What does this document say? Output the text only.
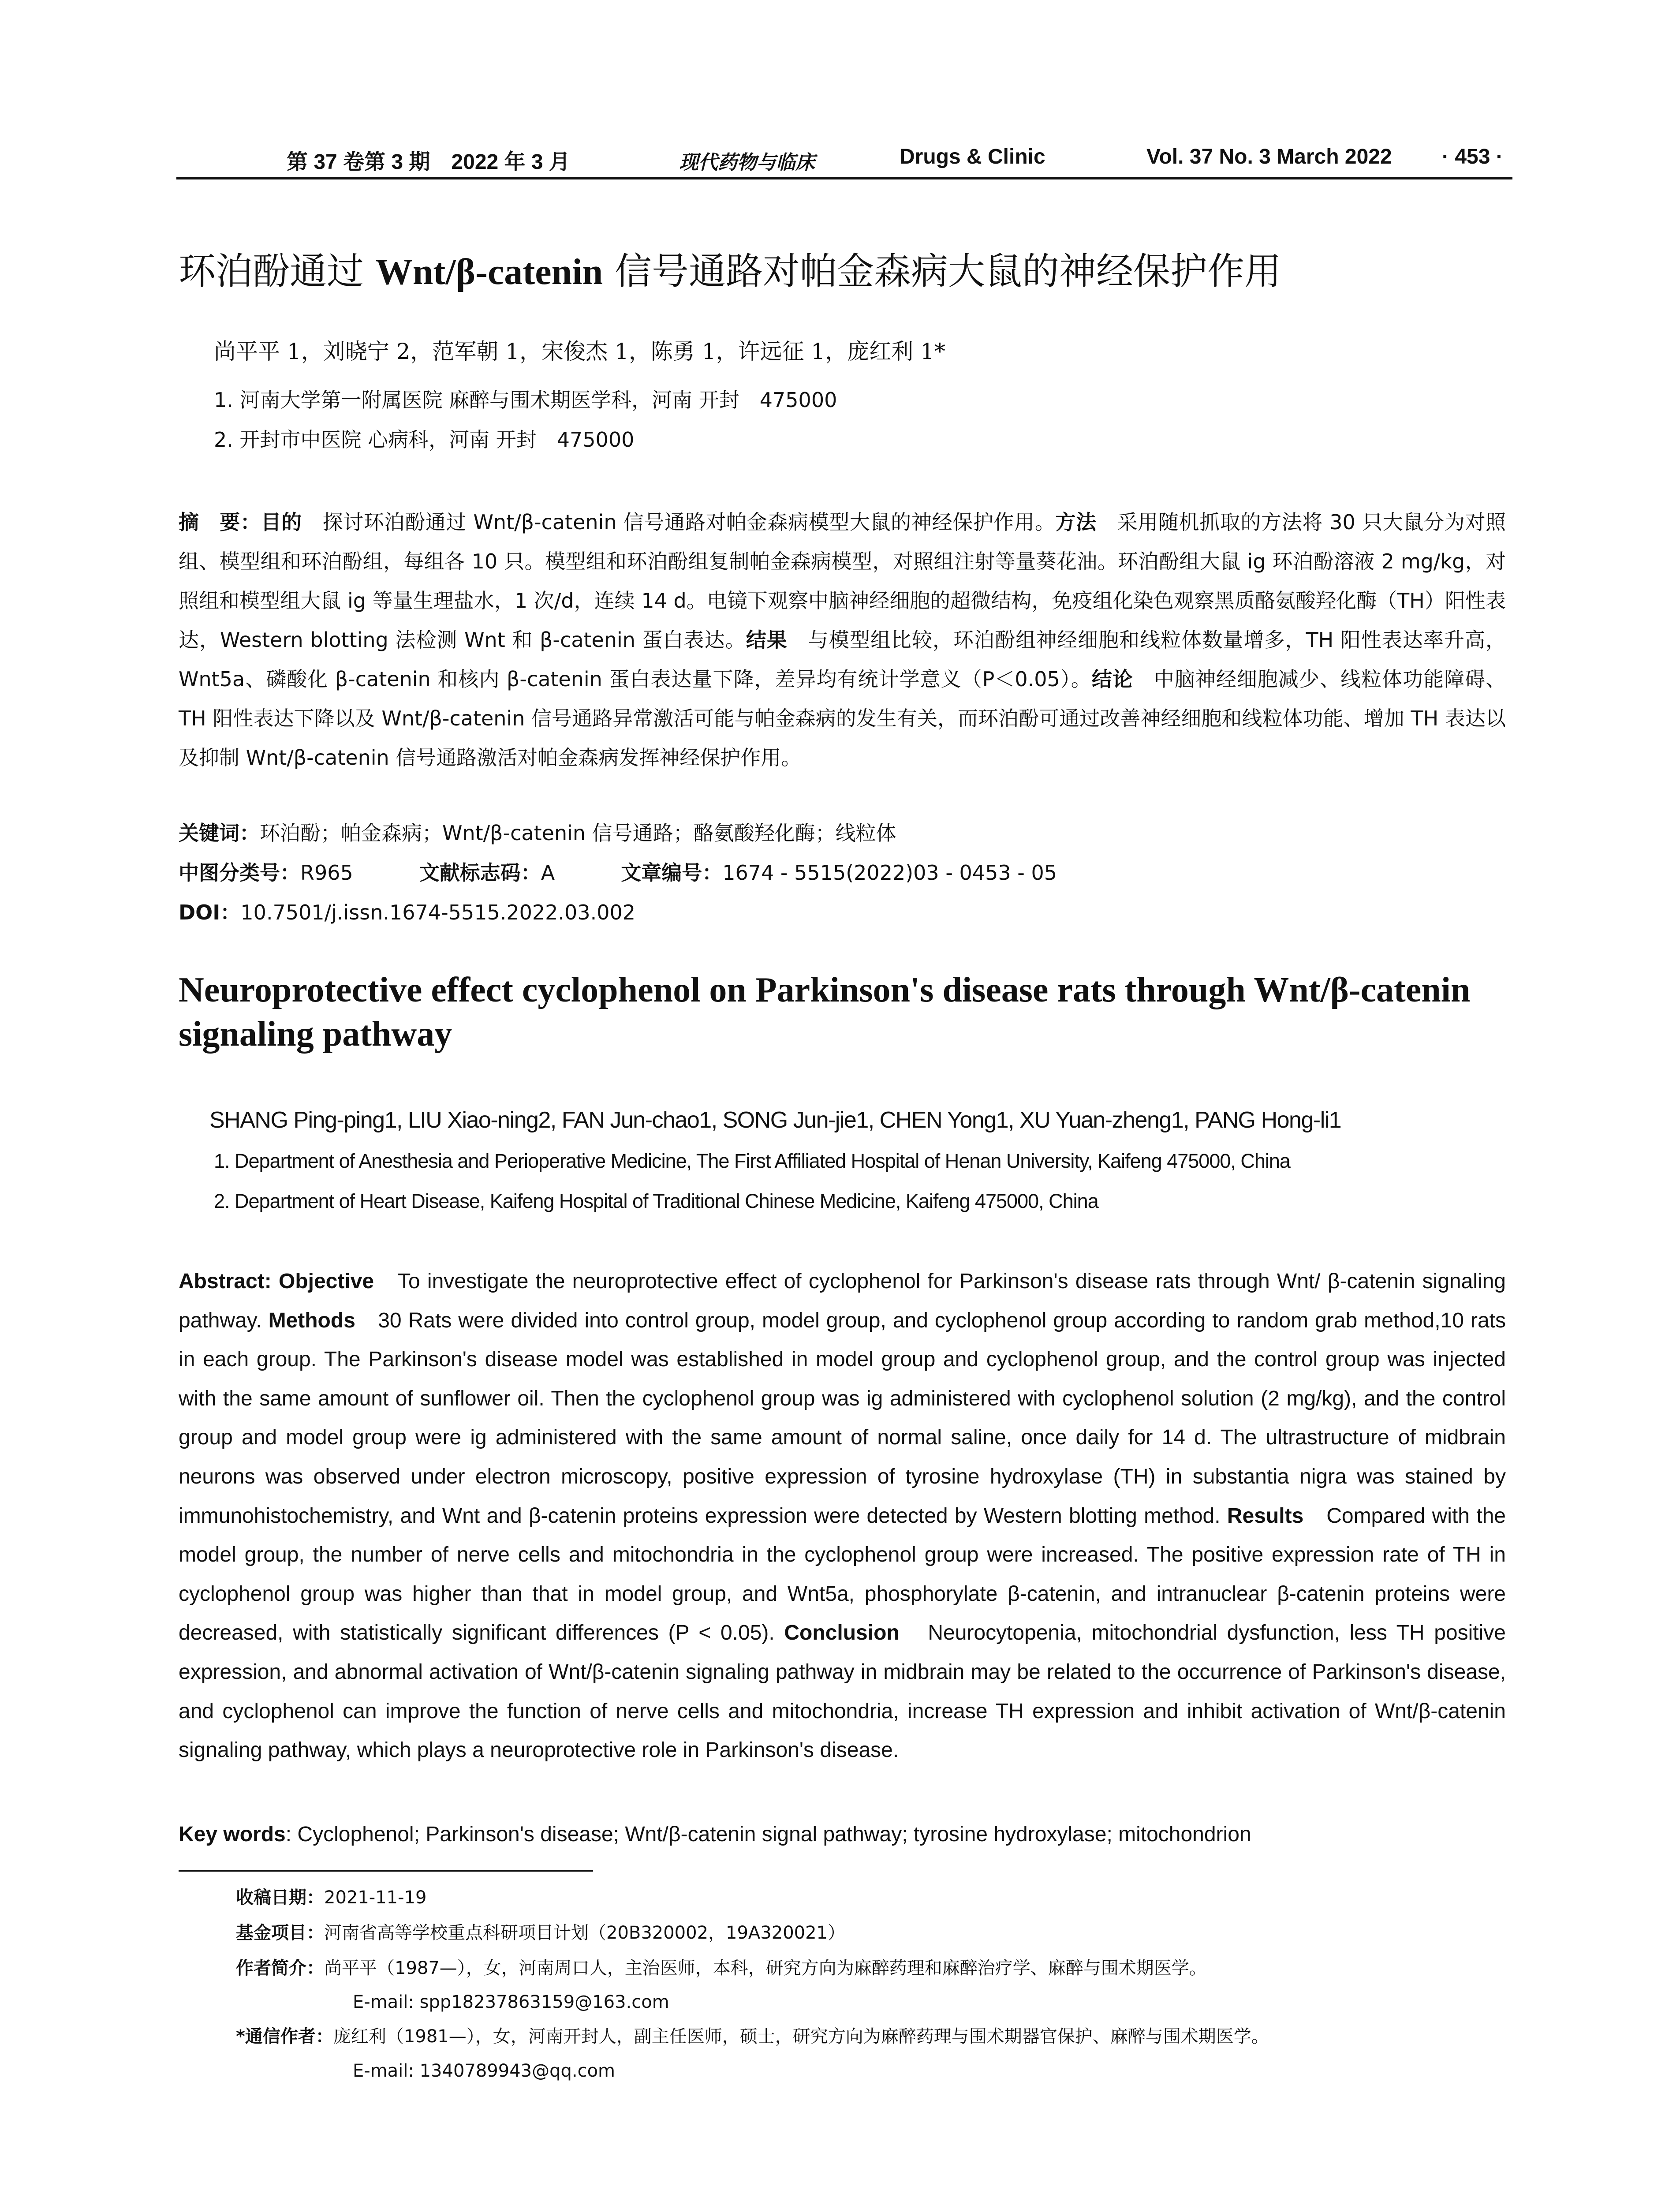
第 37 卷第 3 期　2022 年 3 月	现代药物与临床	Drugs & Clinic	Vol. 37 No. 3 March 2022 · 453 ·
环泊酚通过 Wnt/β-catenin 信号通路对帕金森病大鼠的神经保护作用
尚平平 1，刘晓宁 2，范军朝 1，宋俊杰 1，陈勇 1，许远征 1，庞红利 1*
1. 河南大学第一附属医院 麻醉与围术期医学科，河南 开封　475000
2. 开封市中医院 心病科，河南 开封　475000
摘　要：目的　探讨环泊酚通过 Wnt/β-catenin 信号通路对帕金森病模型大鼠的神经保护作用。方法　采用随机抓取的方法将 30 只大鼠分为对照组、模型组和环泊酚组，每组各 10 只。模型组和环泊酚组复制帕金森病模型，对照组注射等量葵花油。环泊酚组大鼠 ig 环泊酚溶液 2 mg/kg，对照组和模型组大鼠 ig 等量生理盐水，1 次/d，连续 14 d。电镜下观察中脑神经细胞的超微结构，免疫组化染色观察黑质酪氨酸羟化酶（TH）阳性表达，Western blotting 法检测 Wnt 和 β-catenin 蛋白表达。结果　与模型组比较，环泊酚组神经细胞和线粒体数量增多，TH 阳性表达率升高，Wnt5a、磷酸化 β-catenin 和核内 β-catenin 蛋白表达量下降，差异均有统计学意义（P＜0.05）。结论　中脑神经细胞减少、线粒体功能障碍、TH 阳性表达下降以及 Wnt/β-catenin 信号通路异常激活可能与帕金森病的发生有关，而环泊酚可通过改善神经细胞和线粒体功能、增加 TH 表达以及抑制 Wnt/β-catenin 信号通路激活对帕金森病发挥神经保护作用。
关键词：环泊酚；帕金森病；Wnt/β-catenin 信号通路；酪氨酸羟化酶；线粒体
中图分类号：R965	文献标志码：A	文章编号：1674 - 5515(2022)03 - 0453 - 05
DOI：10.7501/j.issn.1674-5515.2022.03.002
Neuroprotective effect cyclophenol on Parkinson's disease rats through Wnt/β-catenin signaling pathway
SHANG Ping-ping1, LIU Xiao-ning2, FAN Jun-chao1, SONG Jun-jie1, CHEN Yong1, XU Yuan-zheng1, PANG Hong-li1
1. Department of Anesthesia and Perioperative Medicine, The First Affiliated Hospital of Henan University, Kaifeng 475000, China
2. Department of Heart Disease, Kaifeng Hospital of Traditional Chinese Medicine, Kaifeng 475000, China
Abstract: Objective　To investigate the neuroprotective effect of cyclophenol for Parkinson's disease rats through Wnt/ β-catenin signaling pathway. Methods　30 Rats were divided into control group, model group, and cyclophenol group according to random grab method,10 rats in each group. The Parkinson's disease model was established in model group and cyclophenol group, and the control group was injected with the same amount of sunflower oil. Then the cyclophenol group was ig administered with cyclophenol solution (2 mg/kg), and the control group and model group were ig administered with the same amount of normal saline, once daily for 14 d. The ultrastructure of midbrain neurons was observed under electron microscopy, positive expression of tyrosine hydroxylase (TH) in substantia nigra was stained by immunohistochemistry, and Wnt and β-catenin proteins expression were detected by Western blotting method. Results　Compared with the model group, the number of nerve cells and mitochondria in the cyclophenol group were increased. The positive expression rate of TH in cyclophenol group was higher than that in model group, and Wnt5a, phosphorylate β-catenin, and intranuclear β-catenin proteins were decreased, with statistically significant differences (P < 0.05). Conclusion　Neurocytopenia, mitochondrial dysfunction, less TH positive expression, and abnormal activation of Wnt/β-catenin signaling pathway in midbrain may be related to the occurrence of Parkinson's disease, and cyclophenol can improve the function of nerve cells and mitochondria, increase TH expression and inhibit activation of Wnt/β-catenin signaling pathway, which plays a neuroprotective role in Parkinson's disease.
Key words: Cyclophenol; Parkinson's disease; Wnt/β-catenin signal pathway; tyrosine hydroxylase; mitochondrion
收稿日期：2021-11-19
基金项目：河南省高等学校重点科研项目计划（20B320002，19A320021）
作者简介：尚平平（1987—），女，河南周口人，主治医师，本科，研究方向为麻醉药理和麻醉治疗学、麻醉与围术期医学。
E-mail: spp18237863159@163.com
*通信作者：庞红利（1981—），女，河南开封人，副主任医师，硕士，研究方向为麻醉药理与围术期器官保护、麻醉与围术期医学。
E-mail: 1340789943@qq.com
